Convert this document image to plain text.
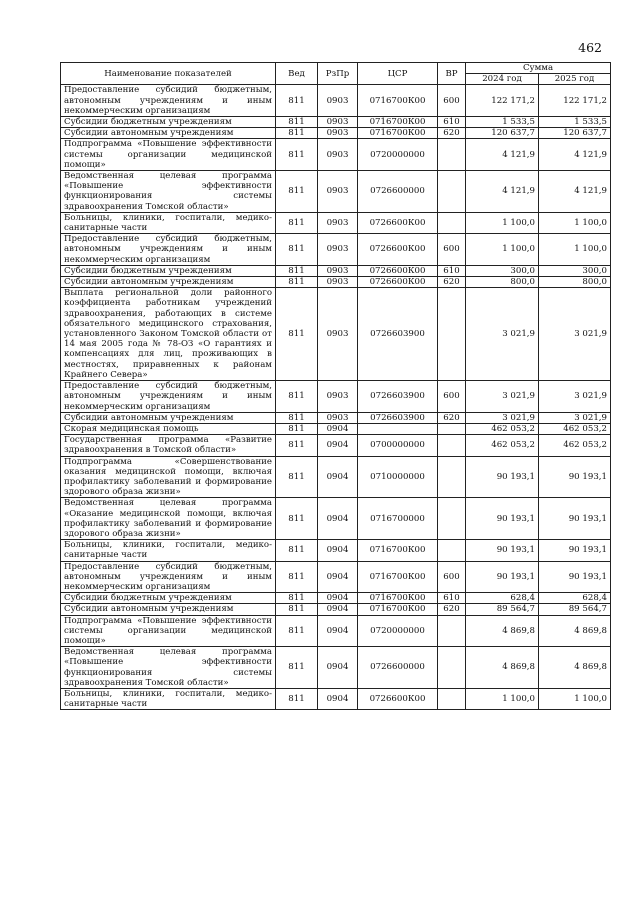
462
Наименование показателей	Вед	РзПр	ЦСР	ВР	Сумма	
					2024 год	2025 год
Предоставление субсидий бюджетным, автономным учреждениям и иным некоммерческим организациям	811	0903	0716700К00	600	122 171,2	122 171,2
Субсидии бюджетным учреждениям	811	0903	0716700К00	610	1 533,5	1 533,5
Субсидии автономным учреждениям	811	0903	0716700К00	620	120 637,7	120 637,7
Подпрограмма «Повышение эффективности системы организации медицинской помощи»	811	0903	0720000000		4 121,9	4 121,9
Ведомственная целевая программа «Повышение эффективности функционирования системы здравоохранения Томской области»	811	0903	0726600000		4 121,9	4 121,9
Больницы, клиники, госпитали, медико-санитарные части	811	0903	0726600К00		1 100,0	1 100,0
Предоставление субсидий бюджетным, автономным учреждениям и иным некоммерческим организациям	811	0903	0726600К00	600	1 100,0	1 100,0
Субсидии бюджетным учреждениям	811	0903	0726600К00	610	300,0	300,0
Субсидии автономным учреждениям	811	0903	0726600К00	620	800,0	800,0
Выплата региональной доли районного коэффициента работникам учреждений здравоохранения, работающих в системе обязательного медицинского страхования, установленного Законом Томской области от 14 мая 2005 года № 78-ОЗ «О гарантиях и компенсациях для лиц, проживающих в местностях, приравненных к районам Крайнего Севера»	811	0903	0726603900		3 021,9	3 021,9
Предоставление субсидий бюджетным, автономным учреждениям и иным некоммерческим организациям	811	0903	0726603900	600	3 021,9	3 021,9
Субсидии автономным учреждениям	811	0903	0726603900	620	3 021,9	3 021,9
Скорая медицинская помощь	811	0904			462 053,2	462 053,2
Государственная программа «Развитие здравоохранения в Томской области»	811	0904	0700000000		462 053,2	462 053,2
Подпрограмма «Совершенствование оказания медицинской помощи, включая профилактику заболеваний и формирование здорового образа жизни»	811	0904	0710000000		90 193,1	90 193,1
Ведомственная целевая программа «Оказание медицинской помощи, включая профилактику заболеваний и формирование здорового образа жизни»	811	0904	0716700000		90 193,1	90 193,1
Больницы, клиники, госпитали, медико-санитарные части	811	0904	0716700К00		90 193,1	90 193,1
Предоставление субсидий бюджетным, автономным учреждениям и иным некоммерческим организациям	811	0904	0716700К00	600	90 193,1	90 193,1
Субсидии бюджетным учреждениям	811	0904	0716700К00	610	628,4	628,4
Субсидии автономным учреждениям	811	0904	0716700К00	620	89 564,7	89 564,7
Подпрограмма «Повышение эффективности системы организации медицинской помощи»	811	0904	0720000000		4 869,8	4 869,8
Ведомственная целевая программа «Повышение эффективности функционирования системы здравоохранения Томской области»	811	0904	0726600000		4 869,8	4 869,8
Больницы, клиники, госпитали, медико-санитарные части	811	0904	0726600К00		1 100,0	1 100,0
